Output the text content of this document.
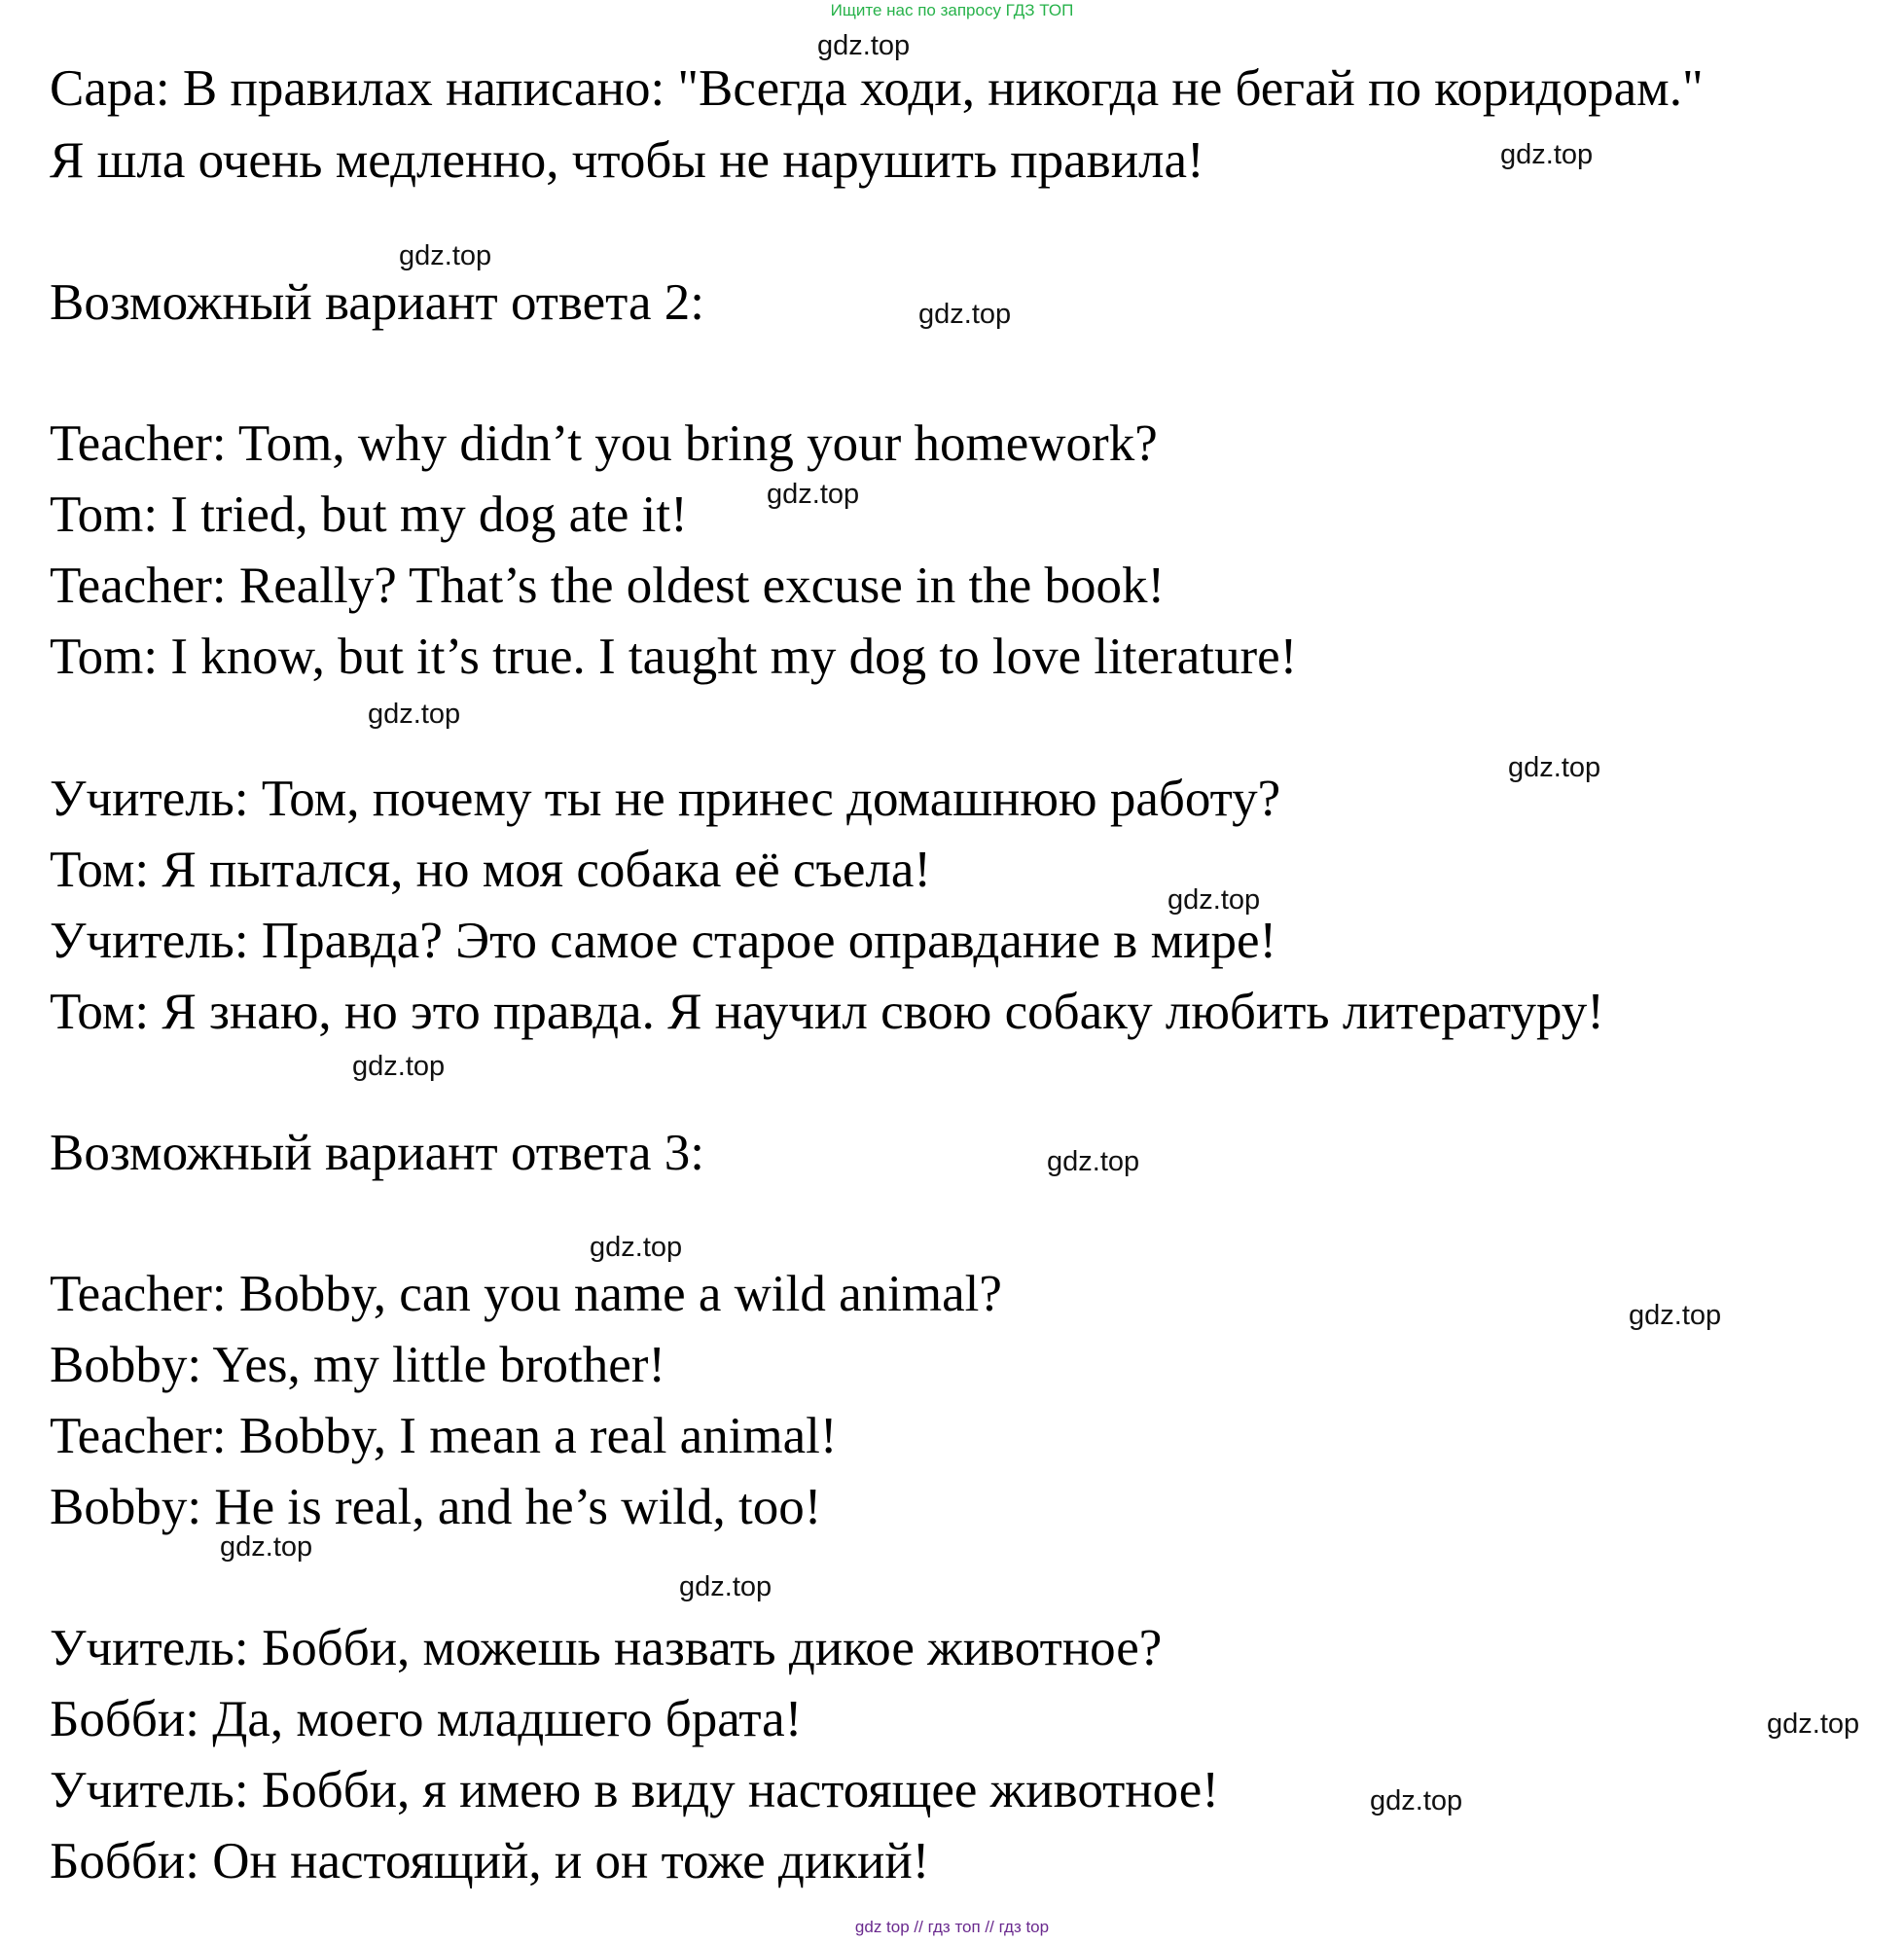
Ищите нас по запросу ГДЗ ТОП

Сара: В правилах написано: "Всегда ходи, никогда не бегай по коридорам."

Я шла очень медленно, чтобы не нарушить правила!

Возможный вариант ответа 2:

Teacher: Tom, why didn’t you bring your homework?

Tom: I tried, but my dog ate it!

Teacher: Really? That’s the oldest excuse in the book!

Tom: I know, but it’s true. I taught my dog to love literature!

Учитель: Том, почему ты не принес домашнюю работу?

Том: Я пытался, но моя собака её съела!

Учитель: Правда? Это самое старое оправдание в мире!

Том: Я знаю, но это правда. Я научил свою собаку любить литературу!

Возможный вариант ответа 3:

Teacher: Bobby, can you name a wild animal?

Bobby: Yes, my little brother!

Teacher: Bobby, I mean a real animal!

Bobby: He is real, and he’s wild, too!

Учитель: Бобби, можешь назвать дикое животное?

Бобби: Да, моего младшего брата!

Учитель: Бобби, я имею в виду настоящее животное!

Бобби: Он настоящий, и он тоже дикий!

gdz.top
gdz.top
gdz.top
gdz.top
gdz.top
gdz.top
gdz.top
gdz.top
gdz.top
gdz.top
gdz.top
gdz.top
gdz.top
gdz.top
gdz.top
gdz.top
gdz top // гдз топ // гдз top
